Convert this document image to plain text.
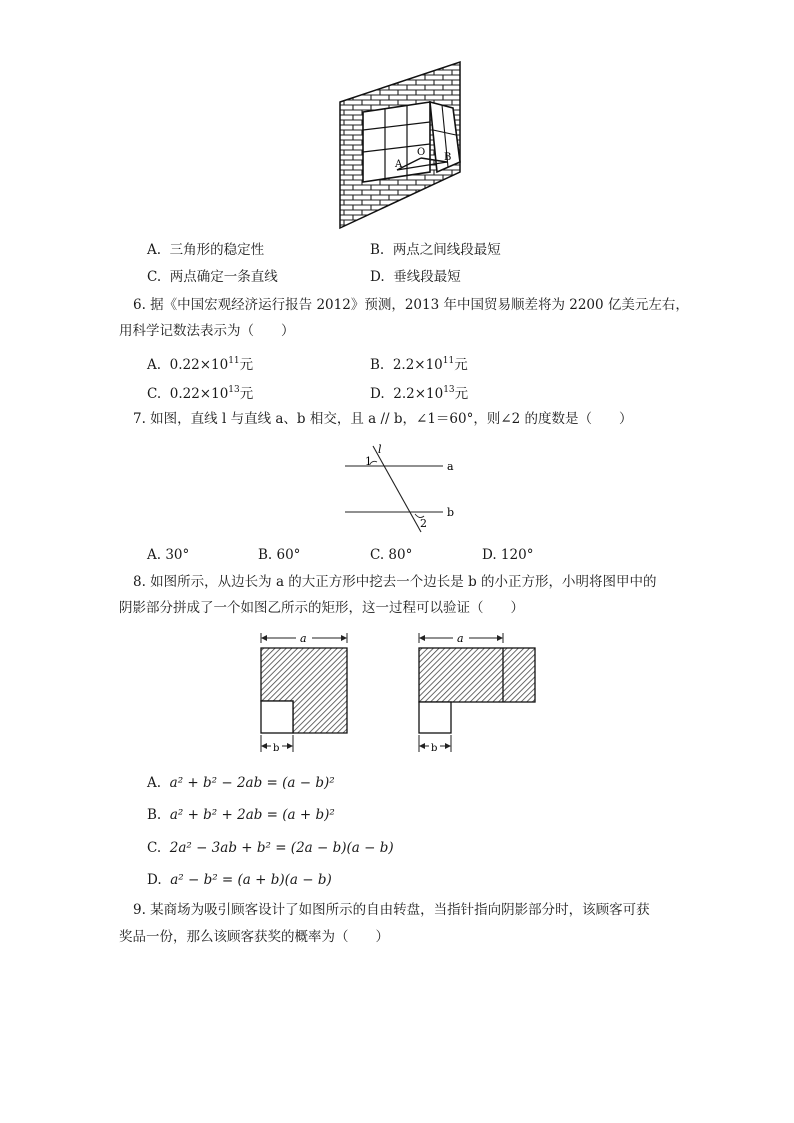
A
O B
A. 三角形的稳定性	B. 两点之间线段最短
C. 两点确定一条直线	D. 垂线段最短
6. 据《中国宏观经济运行报告 2012》预测，2013 年中国贸易顺差将为 2200 亿美元左右，
用科学记数法表示为（　　）
A. $0.22\times 10^{11}$元	B. $2.2\times 10^{11}$元
C. $0.22\times 10^{13}$元	D. $2.2\times 10^{13}$元
7. 如图，直线 l 与直线 a、b 相交，且 a // b，∠1＝60°，则∠2 的度数是（　　）
l
1	a
b
2
A. 30°	B. 60°	C. 80°	D. 120°
8. 如图所示，从边长为 a 的大正方形中挖去一个边长是 b 的小正方形，小明将图甲中的
阴影部分拼成了一个如图乙所示的矩形，这一过程可以验证（　　）
a
b
a
b
A. a² + b² − 2ab = (a − b)²
B. a² + b² + 2ab = (a + b)²
C. 2a² − 3ab + b² = (2a − b)(a − b)
D. a² − b² = (a + b)(a − b)
9. 某商场为吸引顾客设计了如图所示的自由转盘，当指针指向阴影部分时，该顾客可获
奖品一份，那么该顾客获奖的概率为（　　）
